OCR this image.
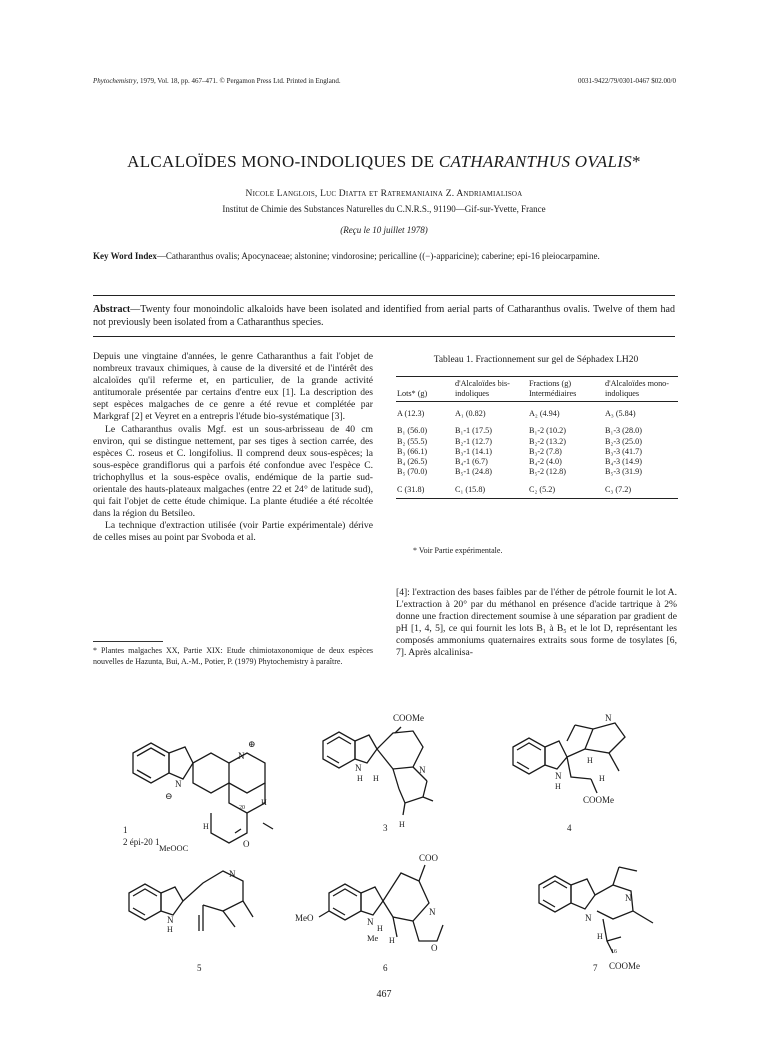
Phytochemistry, 1979, Vol. 18, pp. 467–471. © Pergamon Press Ltd. Printed in England.	0031-9422/79/0301-0467 $02.00/0
ALCALOÏDES MONO-INDOLIQUES DE CATHARANTHUS OVALIS*
Nicole Langlois, Luc Diatta et Ratremaniaina Z. Andriamialisoa
Institut de Chimie des Substances Naturelles du C.N.R.S., 91190—Gif-sur-Yvette, France
(Reçu le 10 juillet 1978)
Key Word Index—Catharanthus ovalis; Apocynaceae; alstonine; vindorosine; pericalline ((−)-apparicine); caberine; epi-16 pleiocarpamine.
Abstract—Twenty four monoindolic alkaloids have been isolated and identified from aerial parts of Catharanthus ovalis. Twelve of them had not previously been isolated from a Catharanthus species.

Depuis une vingtaine d'années, le genre Catharanthus a fait l'objet de nombreux travaux chimiques, à cause de la diversité et de l'intérêt des alcaloïdes qu'il referme et, en particulier, de la grande activité antitumorale présentée par certains d'entre eux [1]. La description des sept espèces malgaches de ce genre a été revue et complétée par Markgraf [2] et Veyret en a entrepris l'étude bio-systématique [3].

Le Catharanthus ovalis Mgf. est un sous-arbrisseau de 40 cm environ, qui se distingue nettement, par ses tiges à section carrée, des espèces C. roseus et C. longifolius. Il comprend deux sous-espèces; la sous-espèce grandiflorus qui a parfois été confondue avec l'espèce C. trichophyllus et la sous-espèce ovalis, endémique de la partie sud-orientale des hauts-plateaux malgaches (entre 22 et 24° de latitude sud), qui fait l'objet de cette étude chimique. La plante étudiée a été récoltée dans la région du Betsileo.

La technique d'extraction utilisée (voir Partie expérimentale) dérive de celles mises au point par Svoboda et al.

* Plantes malgaches XX, Partie XIX: Etude chimiotaxonomique de deux espèces nouvelles de Hazunta, Bui, A.-M., Potier, P. (1979) Phytochemistry à paraître.
Tableau 1. Fractionnement sur gel de Séphadex LH20
Lots* (g)	d'Alcaloïdes bis-indoliques	Fractions (g) Intermédiaires	d'Alcaloïdes mono-indoliques

A (12.3)	A₁ (0.82)	A₂ (4.94)	A₃ (5.84)

B₁ (56.0)	B₁-1 (17.5)	B₁-2 (10.2)	B₁-3 (28.0)
B₂ (55.5)	B₂-1 (12.7)	B₂-2 (13.2)	B₂-3 (25.0)
B₃ (66.1)	B₃-1 (14.1)	B₃-2 (7.8)	B₃-3 (41.7)
B₄ (26.5)	B₄-1 (6.7)	B₄-2 (4.0)	B₄-3 (14.9)
B₅ (70.0)	B₅-1 (24.8)	B₅-2 (12.8)	B₅-3 (31.9)

C (31.8)	C₁ (15.8)	C₂ (5.2)	C₃ (7.2)
* Voir Partie expérimentale.
[4]: l'extraction des bases faibles par de l'éther de pétrole fournit le lot A. L'extraction à 20° par du méthanol en présence d'acide tartrique à 2% donne une fraction directement soumise à une séparation par gradient de pH [1, 4, 5], ce qui fournit les lots B₁ à B₅ et le lot D, représentant les composés ammoniums quaternaires extraits sous forme de tosylates [6, 7]. Après alcalinisa-
N
N
⊕
⊖
H
20
H
MeOOC	O
COOMe
N
H H
N
H
N
H
N
H
H
COOMe
N
N
H
COO
MeO	N
H
Me H
N
O
N
N
H
16
COOMe
1
2 épi-20 1
3	4
5	6	7
467
